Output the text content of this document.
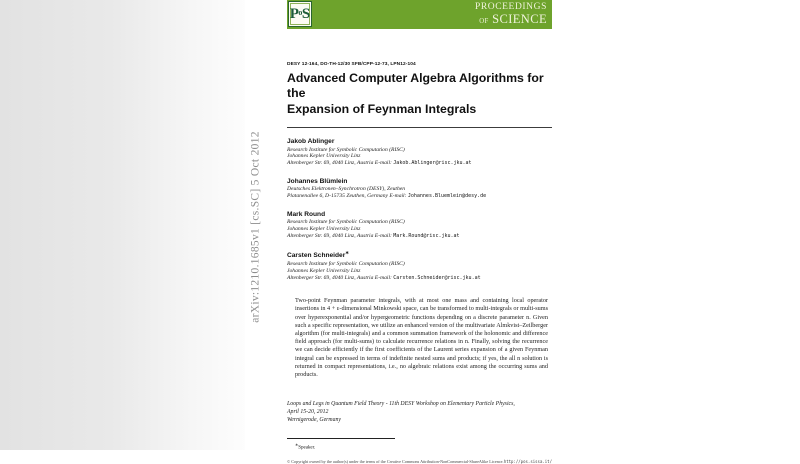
P o S	PROCEEDINGS
OF SCIENCE
DESY 12-164, DO-TH-12/30 SFB/CPP-12-73, LPN12-104
Advanced Computer Algebra Algorithms for the
Expansion of Feynman Integrals
Jakob Ablinger
Research Institute for Symbolic Computation (RISC)
Johannes Kepler University Linz
Altenberger Str. 69, 4040 Linz, Austria E-mail: Jakob.Ablinger@risc.jku.at
Johannes Blümlein
Deutsches Elektronen–Synchrotron (DESY), Zeuthen
Platanenallee 6, D-15735 Zeuthen, Germany E-mail: Johannes.Bluemlein@desy.de
Mark Round
Research Institute for Symbolic Computation (RISC)
Johannes Kepler University Linz
Altenberger Str. 69, 4040 Linz, Austria E-mail: Mark.Round@risc.jku.at
Carsten Schneider∗
Research Institute for Symbolic Computation (RISC)
Johannes Kepler University Linz
Altenberger Str. 69, 4040 Linz, Austria E-mail: Carsten.Schneider@risc.jku.at
Two-point Feynman parameter integrals, with at most one mass and containing local operator insertions in 4 + ε-dimensional Minkowski space, can be transformed to multi-integrals or multi-sums over hyperexponential and/or hypergeometric functions depending on a discrete parameter n. Given such a specific representation, we utilize an enhanced version of the multivariate Almkvist–Zeilberger algorithm (for multi-integrals) and a common summation framework of the holonomic and difference field approach (for multi-sums) to calculate recurrence relations in n. Finally, solving the recurrence we can decide efficiently if the first coefficients of the Laurent series expansion of a given Feynman integral can be expressed in terms of indefinite nested sums and products; if yes, the all n solution is returned in compact representations, i.e., no algebraic relations exist among the occurring sums and products.
Loops and Legs in Quantum Field Theory - 11th DESY Workshop on Elementary Particle Physics,
April 15-20, 2012
Wernigerode, Germany
∗Speaker.
© Copyright owned by the author(s) under the terms of the Creative Commons Attribution-NonCommercial-ShareAlike Licence. http://pos.sissa.it/
arXiv:1210.1685v1 [cs.SC] 5 Oct 2012
